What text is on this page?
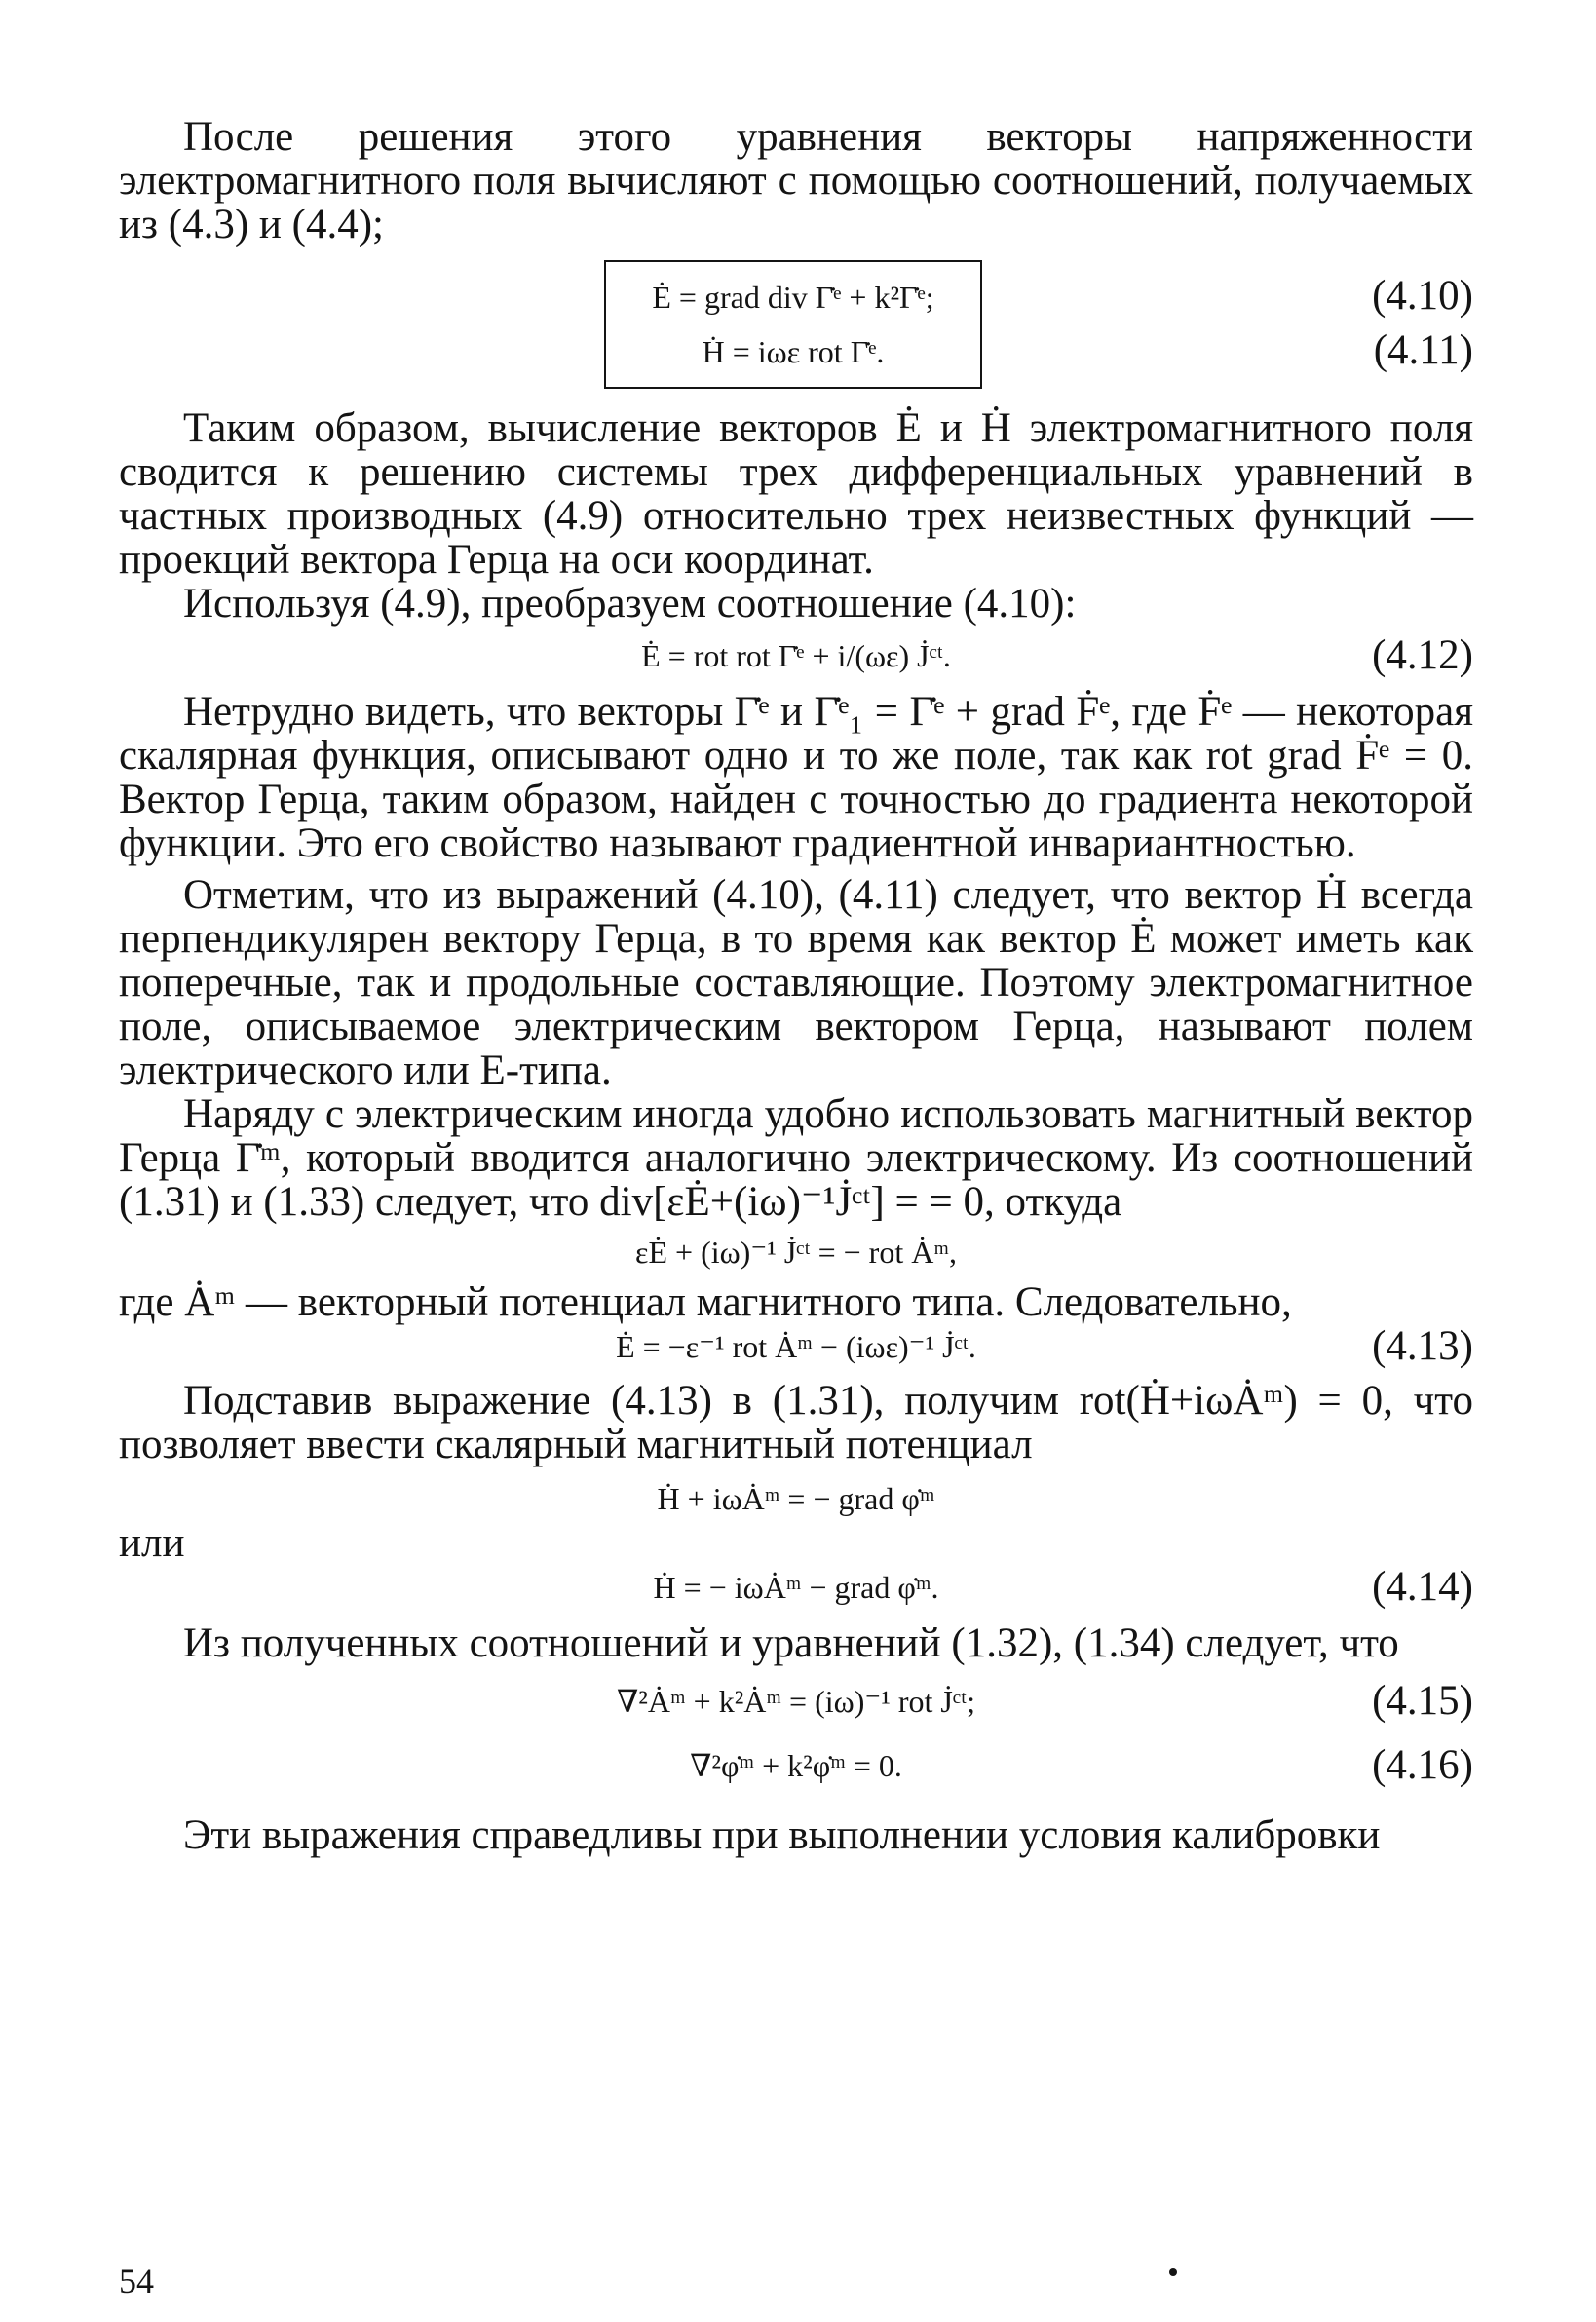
После решения этого уравнения векторы напряженности электромагнитного поля вычисляют с помощью соотношений, получаемых из (4.3) и (4.4);

Ė = grad div Γ̇ᵉ + k²Γ̇ᵉ;	(4.10)
Ḣ = iωε rot Γ̇ᵉ.	(4.11)

Таким образом, вычисление векторов Ė и Ḣ электромагнитного поля сводится к решению системы трех дифференциальных уравнений в частных производных (4.9) относительно трех неизвестных функций — проекций вектора Герца на оси координат.

Используя (4.9), преобразуем соотношение (4.10):

Ė = rot rot Γ̇ᵉ + i/(ωε) J̇ᶜᵗ.	(4.12)

Нетрудно видеть, что векторы Γ̇ᵉ и Γ̇ᵉ₁ = Γ̇ᵉ + grad Ḟᵉ, где Ḟᵉ — некоторая скалярная функция, описывают одно и то же поле, так как rot grad Ḟᵉ = 0. Вектор Герца, таким образом, найден с точностью до градиента некоторой функции. Это его свойство называют градиентной инвариантностью.

Отметим, что из выражений (4.10), (4.11) следует, что вектор Ḣ всегда перпендикулярен вектору Герца, в то время как вектор Ė может иметь как поперечные, так и продольные составляющие. Поэтому электромагнитное поле, описываемое электрическим вектором Герца, называют полем электрического или E-типа.

Наряду с электрическим иногда удобно использовать магнитный вектор Герца Γ̇ᵐ, который вводится аналогично электрическому. Из соотношений (1.31) и (1.33) следует, что div[εĖ+(iω)⁻¹J̇ᶜᵗ] = = 0, откуда

εĖ + (iω)⁻¹ J̇ᶜᵗ = − rot Ȧᵐ,

где Ȧᵐ — векторный потенциал магнитного типа. Следовательно,

Ė = −ε⁻¹ rot Ȧᵐ − (iωε)⁻¹ J̇ᶜᵗ.	(4.13)

Подставив выражение (4.13) в (1.31), получим rot(Ḣ+iωȦᵐ) = 0, что позволяет ввести скалярный магнитный потенциал

Ḣ + iωȦᵐ = − grad φ̇ᵐ

или

Ḣ = − iωȦᵐ − grad φ̇ᵐ.	(4.14)

Из полученных соотношений и уравнений (1.32), (1.34) следует, что

∇²Ȧᵐ + k²Ȧᵐ = (iω)⁻¹ rot J̇ᶜᵗ;	(4.15)
∇²φ̇ᵐ + k²φ̇ᵐ = 0.	(4.16)

Эти выражения справедливы при выполнении условия калибровки

54
